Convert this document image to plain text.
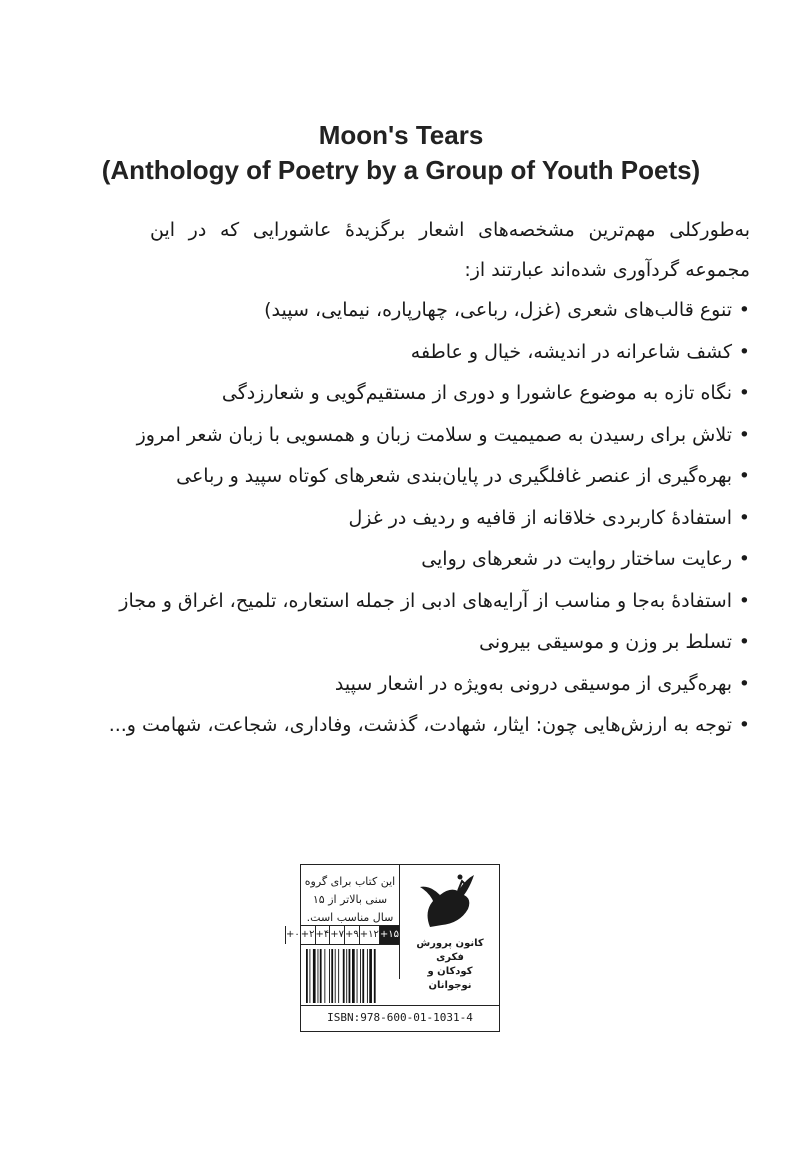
Moon's Tears
(Anthology of Poetry by a Group of Youth Poets)
به‌طورکلی مهم‌ترین مشخصه‌های اشعار برگزیدهٔ عاشورایی که در این مجموعه گردآوری شده‌اند عبارتند از:
•تنوع قالب‌های شعری (غزل، رباعی، چهارپاره، نیمایی، سپید)
•کشف شاعرانه در اندیشه، خیال و عاطفه
•نگاه تازه به موضوع عاشورا و دوری از مستقیم‌گویی و شعارزدگی
•تلاش برای رسیدن به صمیمیت و سلامت زبان و همسویی با زبان شعر امروز
•بهره‌گیری از عنصر غافلگیری در پایان‌بندی شعرهای کوتاه سپید و رباعی
•استفادهٔ کاربردی خلاقانه از قافیه و ردیف در غزل
•رعایت ساختار روایت در شعرهای روایی
•استفادهٔ به‌جا و مناسب از آرایه‌های ادبی از جمله استعاره، تلمیح، اغراق و مجاز
•تسلط بر وزن و موسیقی بیرونی
•بهره‌گیری از موسیقی درونی به‌ویژه در اشعار سپید
•توجه به ارزش‌هایی چون: ایثار، شهادت، گذشت، وفاداری، شجاعت، شهامت و...
این کتاب برای گروه سنی بالاتر از ۱۵ سال مناسب است.
+۱۵
+۱۲
+۹
+۷
+۴
+۲
+۰
کانون پرورش فکری
کودکان و نوجوانان
ISBN:978-600-01-1031-4
